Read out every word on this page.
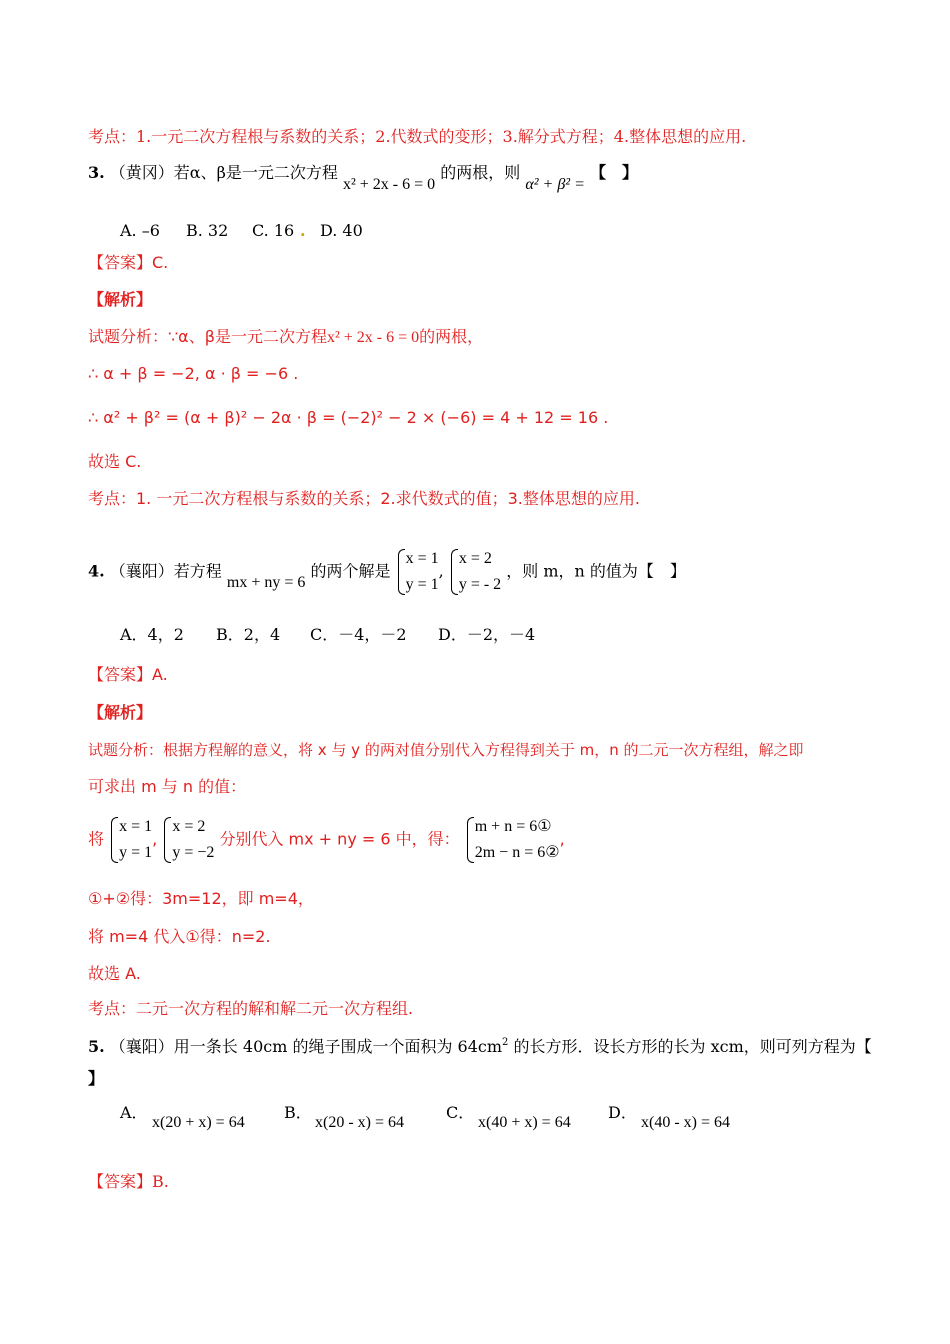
考点：1.一元二次方程根与系数的关系；2.代数式的变形；3.解分式方程；4.整体思想的应用.
3. （黄冈）若α、β是一元二次方程 x² + 2x - 6 = 0 的两根，则 α² + β² = 【　】
A. –6 B. 32 C. 16 . D. 40
【答案】C.
【解析】
试题分析：∵α、β是一元二次方程x² + 2x - 6 = 0的两根，
∴ α + β = −2, α · β = −6 .
∴ α² + β² = (α + β)² − 2α · β = (−2)² − 2 × (−6) = 4 + 12 = 16 .
故选 C.
考点：1. 一元二次方程根与系数的关系；2.求代数式的值；3.整体思想的应用.
4. （襄阳）若方程 mx + ny = 6 的两个解是
x = 1
y = 1
,
x = 2
y = - 2
，则 m，n 的值为【　】
A．4，2 B．2，4 C．－4，－2 D．－2，－4
【答案】A.
【解析】
试题分析：根据方程解的意义，将 x 与 y 的两对值分别代入方程得到关于 m，n 的二元一次方程组，解之即
可求出 m 与 n 的值：
将
x = 1
y = 1
,
x = 2
y = −2
分别代入 mx + ny = 6 中，得：
m + n = 6①
2m − n = 6②
,
①+②得：3m=12，即 m=4，
将 m=4 代入①得：n=2.
故选 A.
考点：二元一次方程的解和解二元一次方程组.
5. （襄阳）用一条长 40cm 的绳子围成一个面积为 $64cm^2$ 的长方形．设长方形的长为 xcm，则可列方程为【
】
A．
x(20 + x) = 64
B．
x(20 - x) = 64
C．
x(40 + x) = 64
D．
x(40 - x) = 64
【答案】B.
